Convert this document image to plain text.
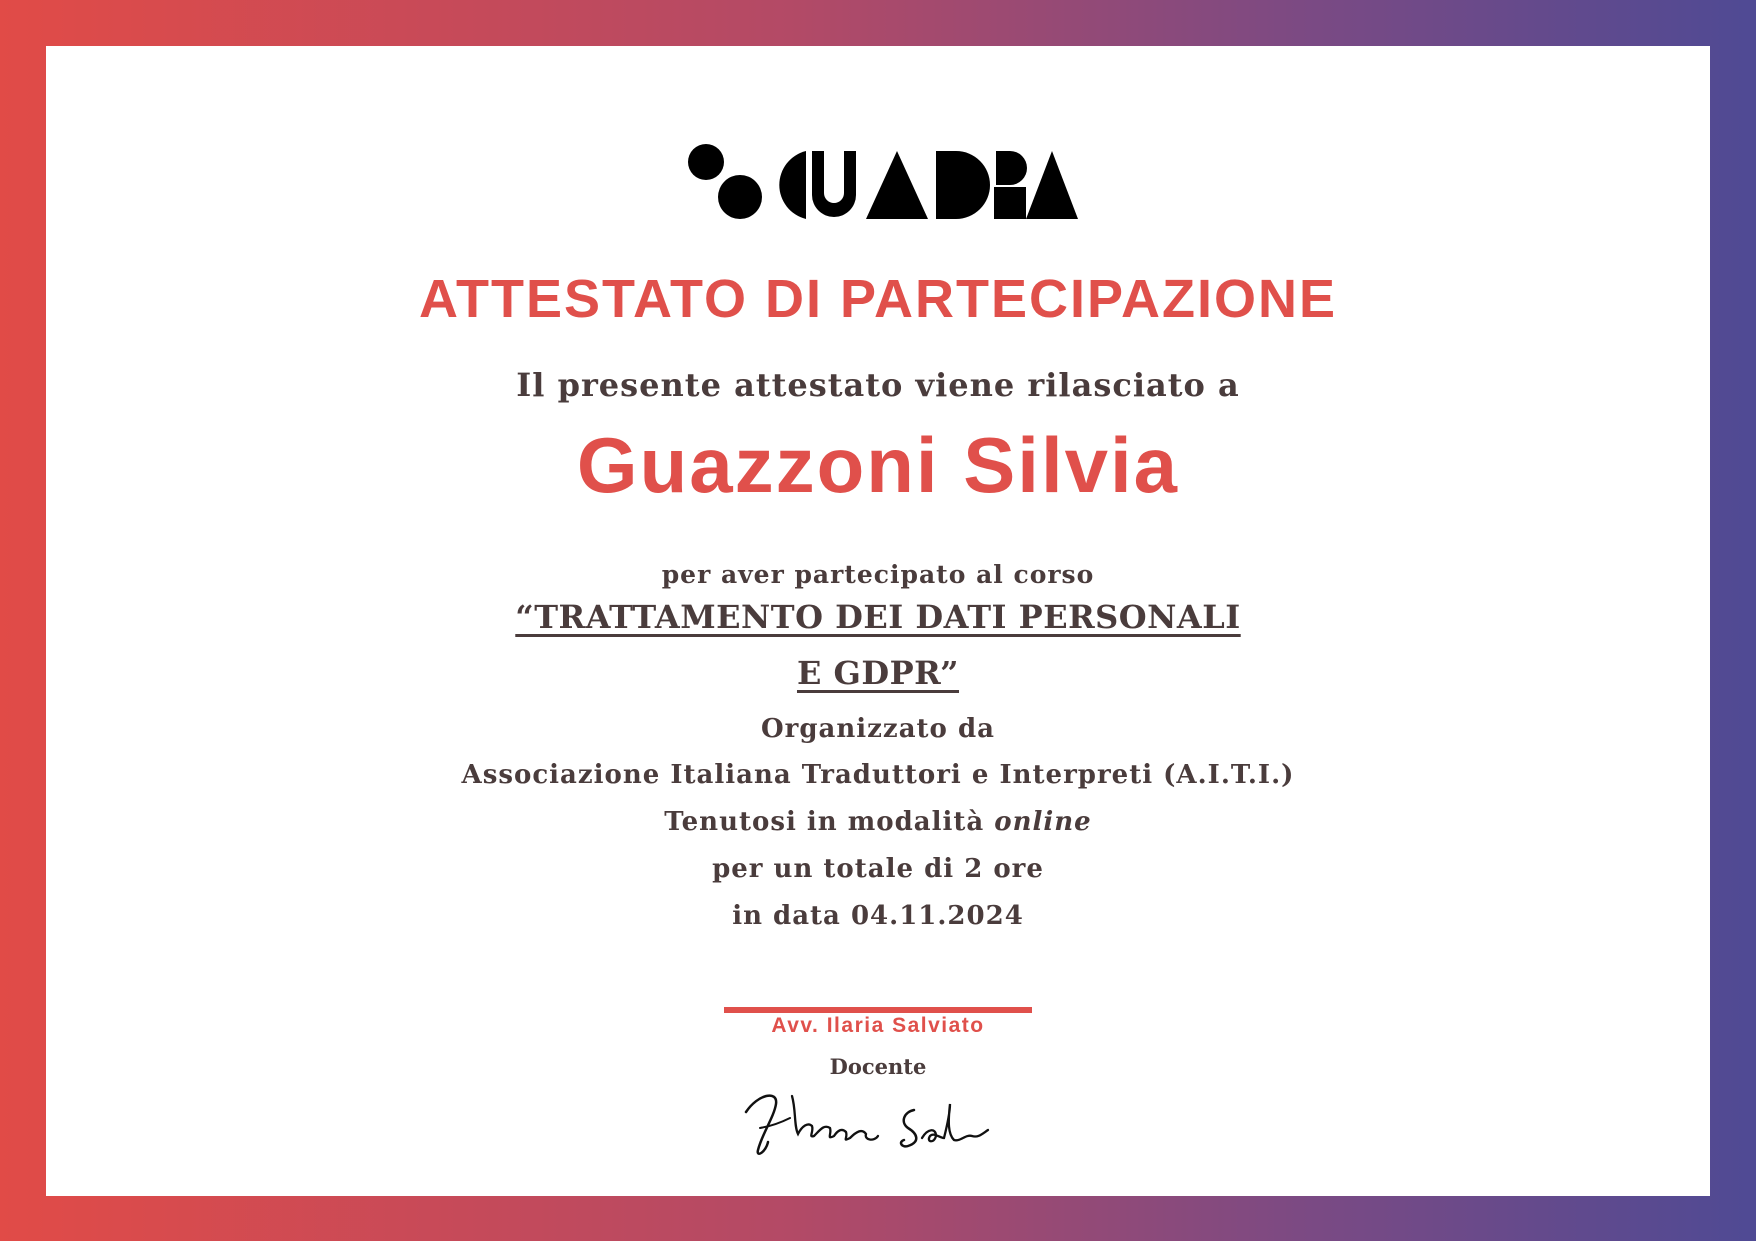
ATTESTATO DI PARTECIPAZIONE

Il presente attestato viene rilasciato a

Guazzoni Silvia

per aver partecipato al corso

“TRATTAMENTO DEI DATI PERSONALI

E GDPR”

Organizzato da

Associazione Italiana Traduttori e Interpreti (A.I.T.I.)

Tenutosi in modalità online

per un totale di 2 ore

in data 04.11.2024

Avv. Ilaria Salviato

Docente
